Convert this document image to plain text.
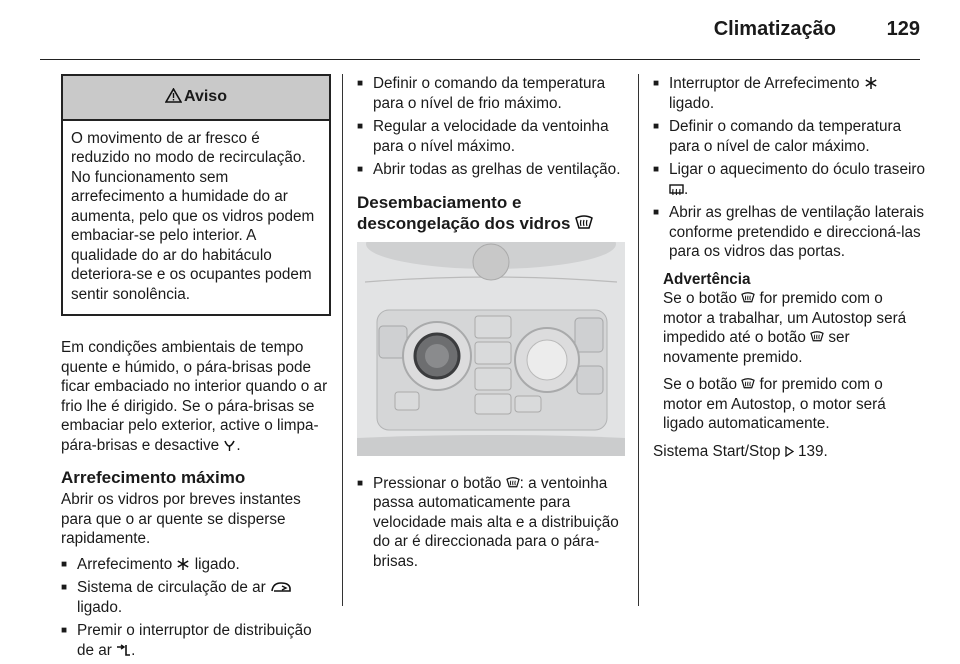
Climatização	129
Aviso
O movimento de ar fresco é reduzido no modo de recirculação. No funcionamento sem arrefecimento a humidade do ar aumenta, pelo que os vidros podem embaciar-se pelo interior. A qualidade do ar do habitáculo deteriora-se e os ocupantes podem sentir sonolência.

Em condições ambientais de tempo quente e húmido, o pára-brisas pode ficar embaciado no interior quando o ar frio lhe é dirigido. Se o pára-brisas se embaciar pelo exterior, active o limpa-pára-brisas e desactive .

Arrefecimento máximo

Abrir os vidros por breves instantes para que o ar quente se disperse rapidamente.

■ Arrefecimento  ligado.
■ Sistema de circulação de ar
ligado.
■ Premir o interruptor de distribuição de ar .
■ Definir o comando da temperatura para o nível de frio máximo.
■ Regular a velocidade da ventoinha para o nível máximo.
■ Abrir todas as grelhas de ventilação.
Desembaciamento e
descongelação dos vidros
■ Pressionar o botão : a ventoinha passa automaticamente para velocidade mais alta e a distribuição do ar é direccionada para o pára-brisas.
■ Interruptor de Arrefecimento
ligado.
■ Definir o comando da temperatura para o nível de calor máximo.
■ Ligar o aquecimento do óculo traseiro .
■ Abrir as grelhas de ventilação laterais conforme pretendido e direccioná-las para os vidros das portas.
Advertência

Se o botão for premido com o motor a trabalhar, um Autostop será impedido até o botão ser novamente premido.

Se o botão for premido com o motor em Autostop, o motor será ligado automaticamente.

Sistema Start/Stop 139.
